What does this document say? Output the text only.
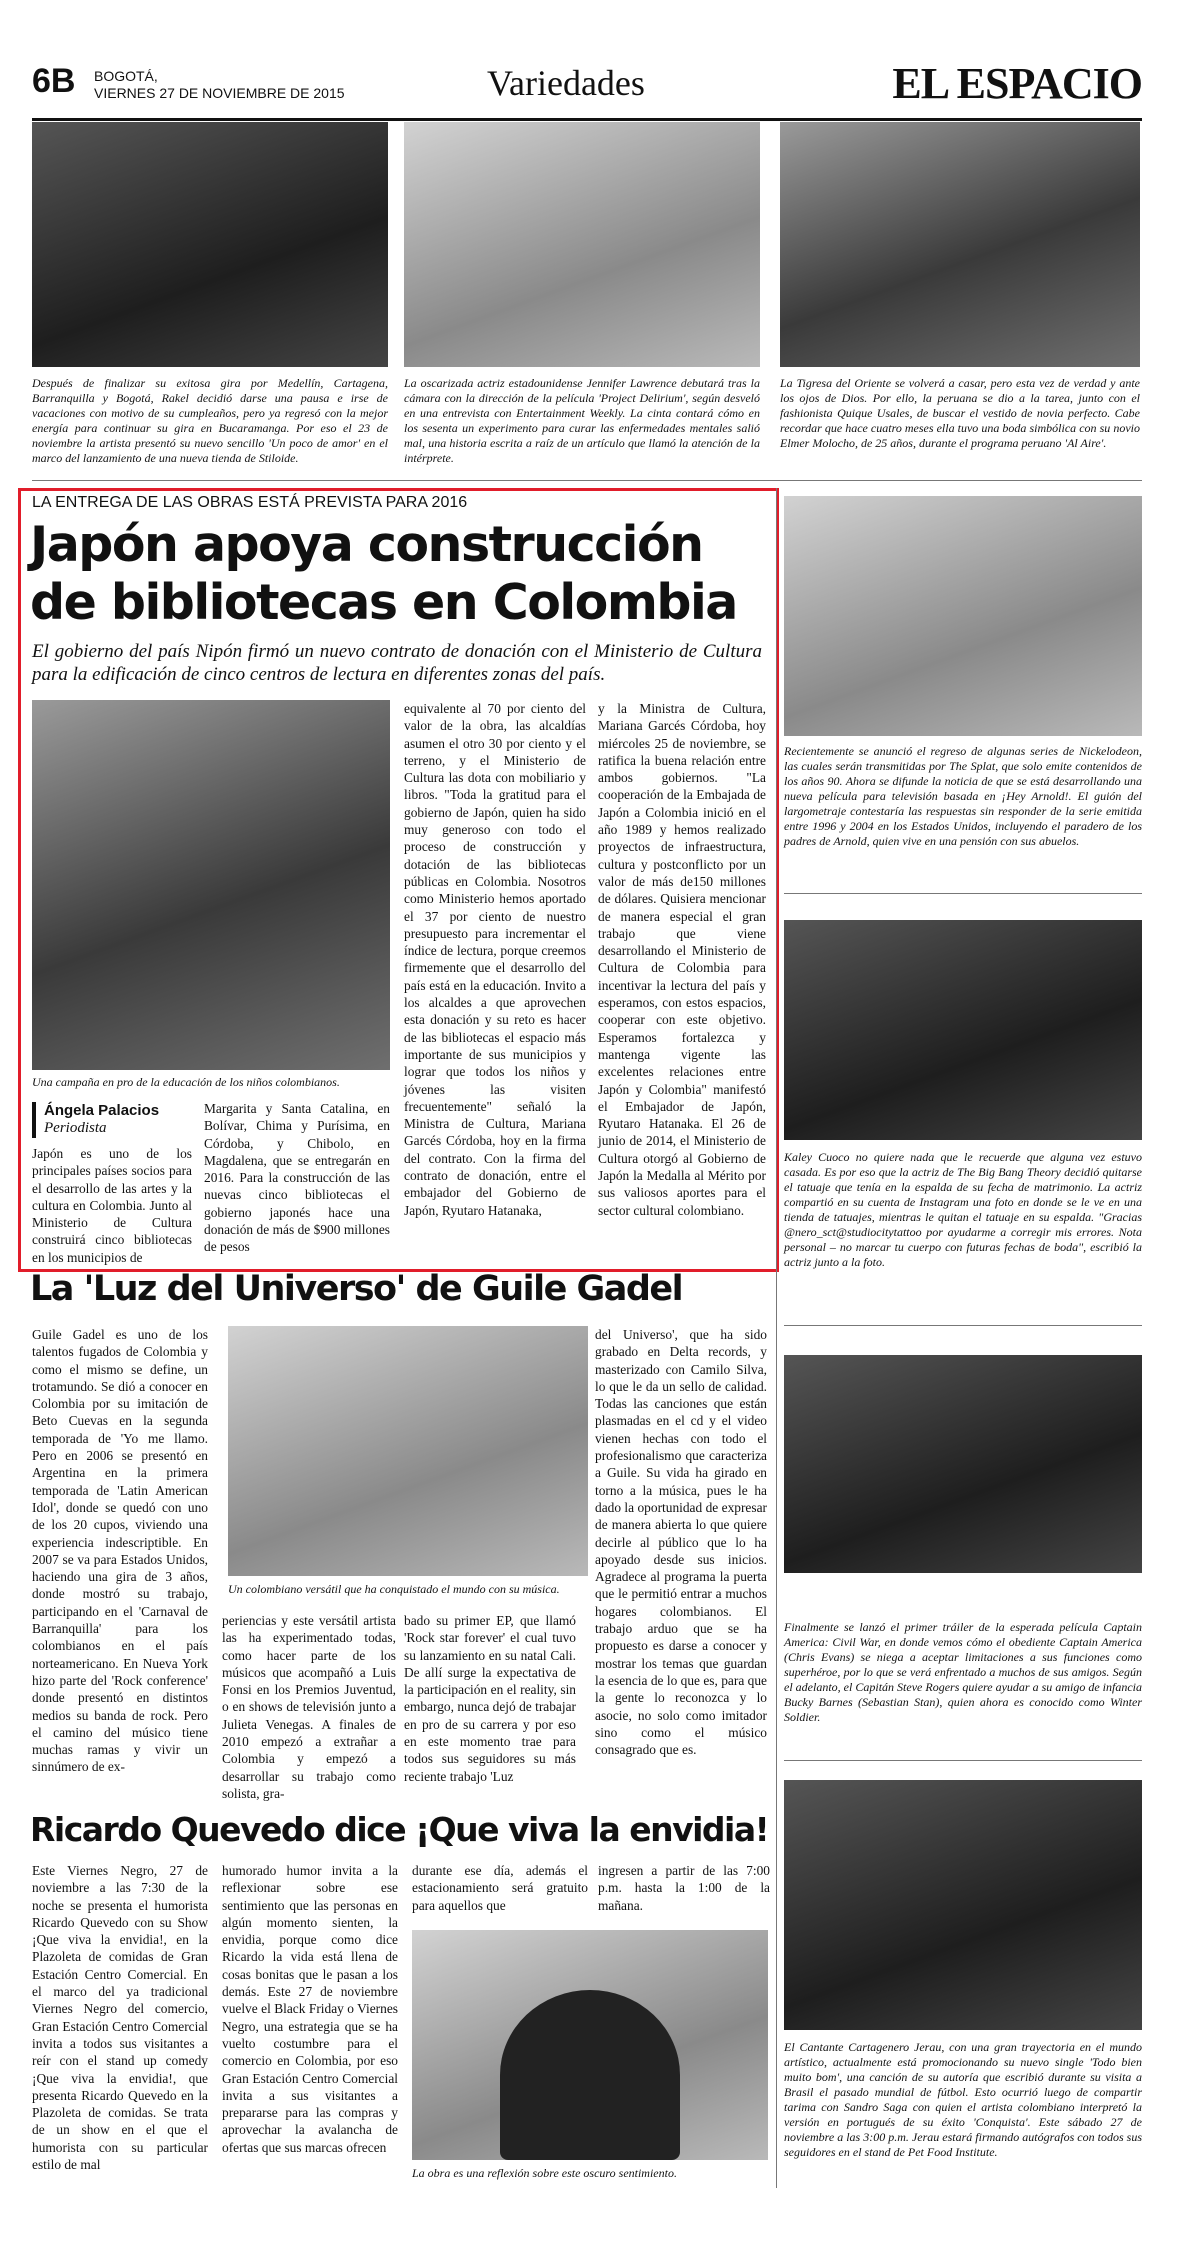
6B BOGOTÁ,
VIERNES 27 DE NOVIEMBRE DE 2015	Variedades	EL ESPACIO
Después de finalizar su exitosa gira por Medellín, Cartagena, Barranquilla y Bogotá, Rakel decidió darse una pausa e irse de vacaciones con motivo de su cumpleaños, pero ya regresó con la mejor energía para continuar su gira en Bucaramanga. Por eso el 23 de noviembre la artista presentó su nuevo sencillo 'Un poco de amor' en el marco del lanzamiento de una nueva tienda de Stiloide.
La oscarizada actriz estadounidense Jennifer Lawrence debutará tras la cámara con la dirección de la película 'Project Delirium', según desveló en una entrevista con Entertainment Weekly. La cinta contará cómo en los sesenta un experimento para curar las enfermedades mentales salió mal, una historia escrita a raíz de un artículo que llamó la atención de la intérprete.
La Tigresa del Oriente se volverá a casar, pero esta vez de verdad y ante los ojos de Dios. Por ello, la peruana se dio a la tarea, junto con el fashionista Quique Usales, de buscar el vestido de novia perfecto. Cabe recordar que hace cuatro meses ella tuvo una boda simbólica con su novio Elmer Molocho, de 25 años, durante el programa peruano 'Al Aire'.
LA ENTREGA DE LAS OBRAS ESTÁ PREVISTA PARA 2016
Japón apoya construcción
de bibliotecas en Colombia
El gobierno del país Nipón firmó un nuevo contrato de donación con el Ministerio de Cultura para la edificación de cinco centros de lectura en diferentes zonas del país.
Una campaña en pro de la educación de los niños colombianos.
Ángela Palacios
Periodista
Japón es uno de los principales países socios para el desarrollo de las artes y la cultura en Colombia. Junto al Ministerio de Cultura construirá cinco bibliotecas en los municipios de
Margarita y Santa Catalina, en Bolívar, Chima y Purísima, en Córdoba, y Chibolo, en Magdalena, que se entregarán en 2016. Para la construcción de las nuevas cinco bibliotecas el gobierno japonés hace una donación de más de $900 millones de pesos
equivalente al 70 por ciento del valor de la obra, las alcaldías asumen el otro 30 por ciento y el terreno, y el Ministerio de Cultura las dota con mobiliario y libros. "Toda la gratitud para el gobierno de Japón, quien ha sido muy generoso con todo el proceso de construcción y dotación de las bibliotecas públicas en Colombia. Nosotros como Ministerio hemos aportado el 37 por ciento de nuestro presupuesto para incrementar el índice de lectura, porque creemos firmemente que el desarrollo del país está en la educación. Invito a los alcaldes a que aprovechen esta donación y su reto es hacer de las bibliotecas el espacio más importante de sus municipios y lograr que todos los niños y jóvenes las visiten frecuentemente" señaló la Ministra de Cultura, Mariana Garcés Córdoba, hoy en la firma del contrato. Con la firma del contrato de donación, entre el embajador del Gobierno de Japón, Ryutaro Hatanaka,
y la Ministra de Cultura, Mariana Garcés Córdoba, hoy miércoles 25 de noviembre, se ratifica la buena relación entre ambos gobiernos. "La cooperación de la Embajada de Japón a Colombia inició en el año 1989 y hemos realizado proyectos de infraestructura, cultura y postconflicto por un valor de más de150 millones de dólares. Quisiera mencionar de manera especial el gran trabajo que viene desarrollando el Ministerio de Cultura de Colombia para incentivar la lectura del país y esperamos, con estos espacios, cooperar con este objetivo. Esperamos fortalezca y mantenga vigente las excelentes relaciones entre Japón y Colombia" manifestó el Embajador de Japón, Ryutaro Hatanaka. El 26 de junio de 2014, el Ministerio de Cultura otorgó al Gobierno de Japón la Medalla al Mérito por sus valiosos aportes para el sector cultural colombiano.
Recientemente se anunció el regreso de algunas series de Nickelodeon, las cuales serán transmitidas por The Splat, que solo emite contenidos de los años 90. Ahora se difunde la noticia de que se está desarrollando una nueva película para televisión basada en ¡Hey Arnold!. El guión del largometraje contestaría las respuestas sin responder de la serie emitida entre 1996 y 2004 en los Estados Unidos, incluyendo el paradero de los padres de Arnold, quien vive en una pensión con sus abuelos.
Kaley Cuoco no quiere nada que le recuerde que alguna vez estuvo casada. Es por eso que la actriz de The Big Bang Theory decidió quitarse el tatuaje que tenía en la espalda de su fecha de matrimonio. La actriz compartió en su cuenta de Instagram una foto en donde se le ve en una tienda de tatuajes, mientras le quitan el tatuaje en su espalda. "Gracias @nero_sct@studiocitytattoo por ayudarme a corregir mis errores. Nota personal – no marcar tu cuerpo con futuras fechas de boda", escribió la actriz junto a la foto.
Finalmente se lanzó el primer tráiler de la esperada película Captain America: Civil War, en donde vemos cómo el obediente Captain America (Chris Evans) se niega a aceptar limitaciones a sus funciones como superhéroe, por lo que se verá enfrentado a muchos de sus amigos. Según el adelanto, el Capitán Steve Rogers quiere ayudar a su amigo de infancia Bucky Barnes (Sebastian Stan), quien ahora es conocido como Winter Soldier.
El Cantante Cartagenero Jerau, con una gran trayectoria en el mundo artístico, actualmente está promocionando su nuevo single 'Todo bien muito bom', una canción de su autoría que escribió durante su visita a Brasil el pasado mundial de fútbol. Esto ocurrió luego de compartir tarima con Sandro Saga con quien el artista colombiano interpretó la versión en portugués de su éxito 'Conquista'. Este sábado 27 de noviembre a las 3:00 p.m. Jerau estará firmando autógrafos con todos sus seguidores en el stand de Pet Food Institute.
La 'Luz del Universo' de Guile Gadel
Guile Gadel es uno de los talentos fugados de Colombia y como el mismo se define, un trotamundo. Se dió a conocer en Colombia por su imitación de Beto Cuevas en la segunda temporada de 'Yo me llamo. Pero en 2006 se presentó en Argentina en la primera temporada de 'Latin American Idol', donde se quedó con uno de los 20 cupos, viviendo una experiencia indescriptible. En 2007 se va para Estados Unidos, haciendo una gira de 3 años, donde mostró su trabajo, participando en el 'Carnaval de Barranquilla' para los colombianos en el país norteamericano. En Nueva York hizo parte del 'Rock conference' donde presentó en distintos medios su banda de rock. Pero el camino del músico tiene muchas ramas y vivir un sinnúmero de ex-
Un colombiano versátil que ha conquistado el mundo con su música.
periencias y este versátil artista las ha experimentado todas, como hacer parte de los músicos que acompañó a Luis Fonsi en los Premios Juventud, o en shows de televisión junto a Julieta Venegas. A finales de 2010 empezó a extrañar a Colombia y empezó a desarrollar su trabajo como solista, gra-
bado su primer EP, que llamó 'Rock star forever' el cual tuvo su lanzamiento en su natal Cali. De allí surge la expectativa de la participación en el reality, sin embargo, nunca dejó de trabajar en pro de su carrera y por eso en este momento trae para todos sus seguidores su más reciente trabajo 'Luz
del Universo', que ha sido grabado en Delta records, y masterizado con Camilo Silva, lo que le da un sello de calidad. Todas las canciones que están plasmadas en el cd y el video vienen hechas con todo el profesionalismo que caracteriza a Guile. Su vida ha girado en torno a la música, pues le ha dado la oportunidad de expresar de manera abierta lo que quiere decirle al público que lo ha apoyado desde sus inicios. Agradece al programa la puerta que le permitió entrar a muchos hogares colombianos. El trabajo arduo que se ha propuesto es darse a conocer y mostrar los temas que guardan la esencia de lo que es, para que la gente lo reconozca y lo asocie, no solo como imitador sino como el músico consagrado que es.
Ricardo Quevedo dice ¡Que viva la envidia!
Este Viernes Negro, 27 de noviembre a las 7:30 de la noche se presenta el humorista Ricardo Quevedo con su Show ¡Que viva la envidia!, en la Plazoleta de comidas de Gran Estación Centro Comercial. En el marco del ya tradicional Viernes Negro del comercio, Gran Estación Centro Comercial invita a todos sus visitantes a reír con el stand up comedy ¡Que viva la envidia!, que presenta Ricardo Quevedo en la Plazoleta de comidas. Se trata de un show en el que el humorista con su particular estilo de mal
humorado humor invita a la reflexionar sobre ese sentimiento que las personas en algún momento sienten, la envidia, porque como dice Ricardo la vida está llena de cosas bonitas que le pasan a los demás. Este 27 de noviembre vuelve el Black Friday o Viernes Negro, una estrategia que se ha vuelto costumbre para el comercio en Colombia, por eso Gran Estación Centro Comercial invita a sus visitantes a prepararse para las compras y aprovechar la avalancha de ofertas que sus marcas ofrecen
durante ese día, además el estacionamiento será gratuito para aquellos que
ingresen a partir de las 7:00 p.m. hasta la 1:00 de la mañana.
La obra es una reflexión sobre este oscuro sentimiento.
